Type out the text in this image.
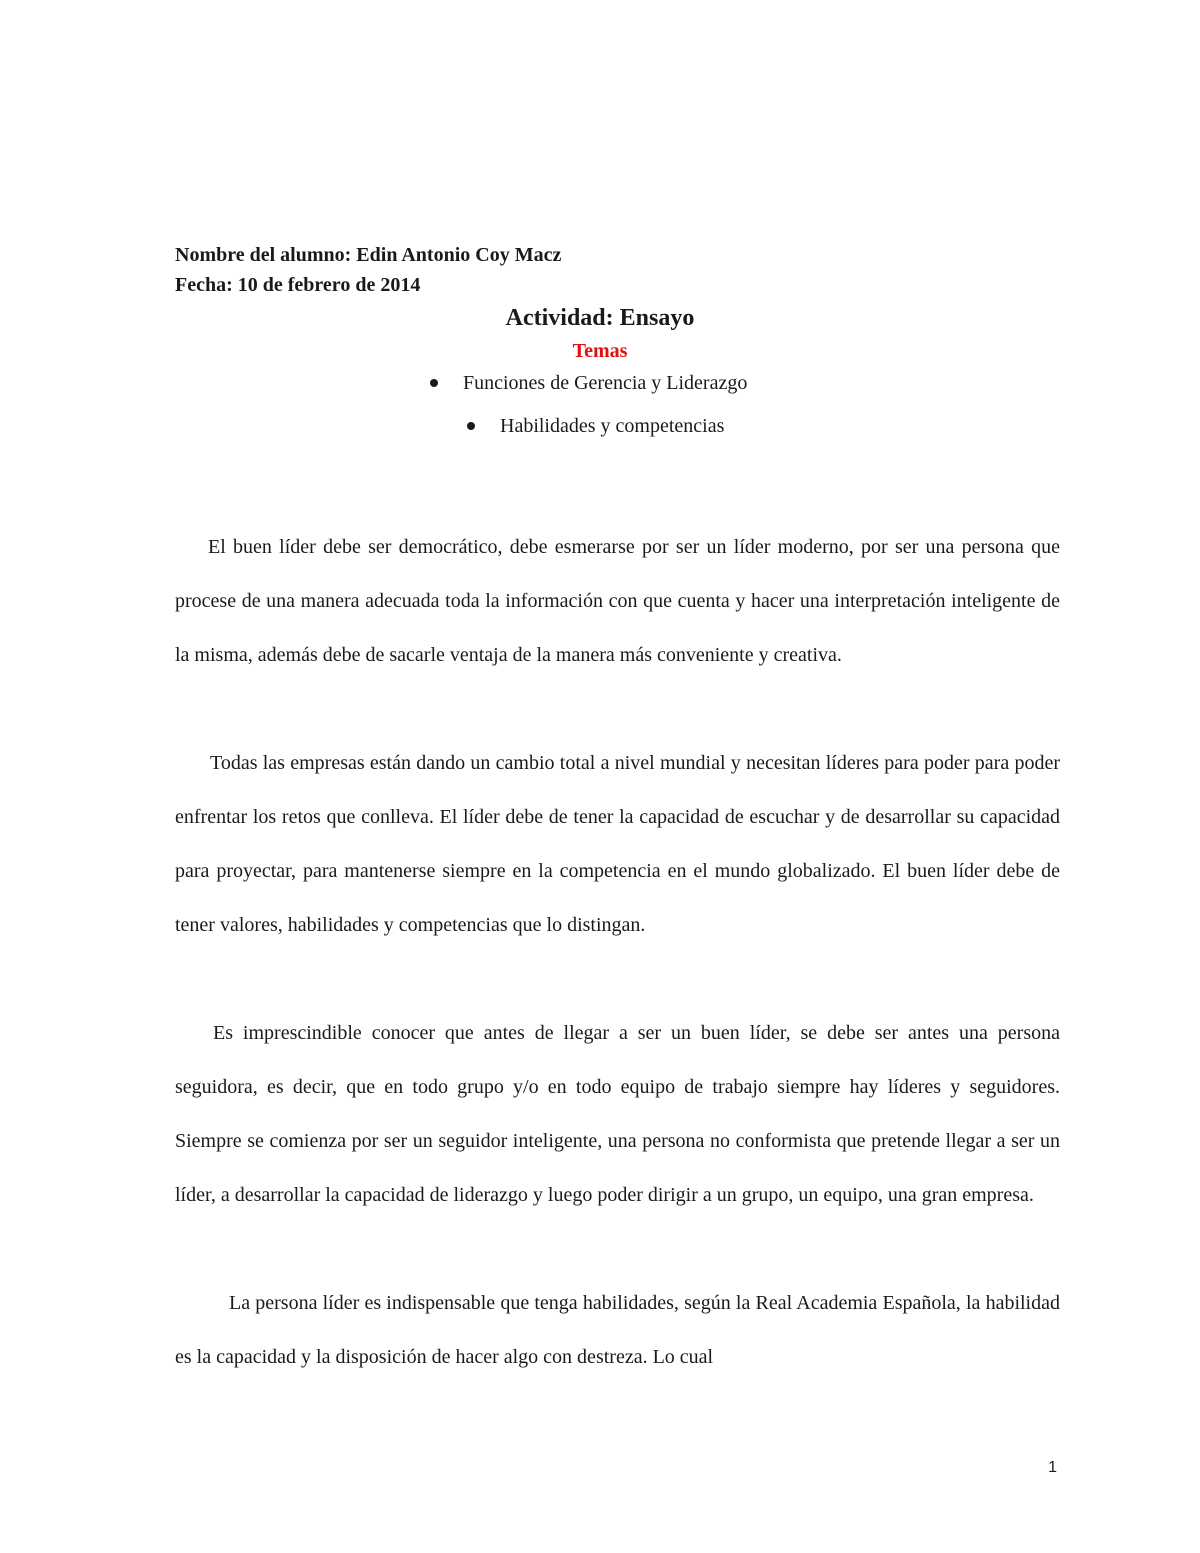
Nombre del alumno: Edin Antonio Coy Macz
Fecha: 10 de febrero de 2014
Actividad: Ensayo
Temas
Funciones de Gerencia y Liderazgo
Habilidades y competencias

El buen líder debe ser democrático, debe esmerarse por ser un líder moderno, por ser una persona que procese de una manera adecuada toda la información con que cuenta y hacer una interpretación inteligente de la misma, además debe de sacarle ventaja de la manera más conveniente y creativa.

Todas las empresas están dando un cambio total a nivel mundial y necesitan líderes para poder para poder enfrentar los retos que conlleva. El líder debe de tener la capacidad de escuchar y de desarrollar su capacidad para proyectar, para mantenerse siempre en la competencia en el mundo globalizado. El buen líder debe de tener valores, habilidades y competencias que lo distingan.

Es imprescindible conocer que antes de llegar a ser un buen líder, se debe ser antes una persona seguidora, es decir, que en todo grupo y/o en todo equipo de trabajo siempre hay líderes y seguidores. Siempre se comienza por ser un seguidor inteligente, una persona no conformista que pretende llegar a ser un líder, a desarrollar la capacidad de liderazgo y luego poder dirigir a un grupo, un equipo, una gran empresa.

La persona líder es indispensable que tenga habilidades, según la Real Academia Española, la habilidad es la capacidad y la disposición de hacer algo con destreza. Lo cual

1
